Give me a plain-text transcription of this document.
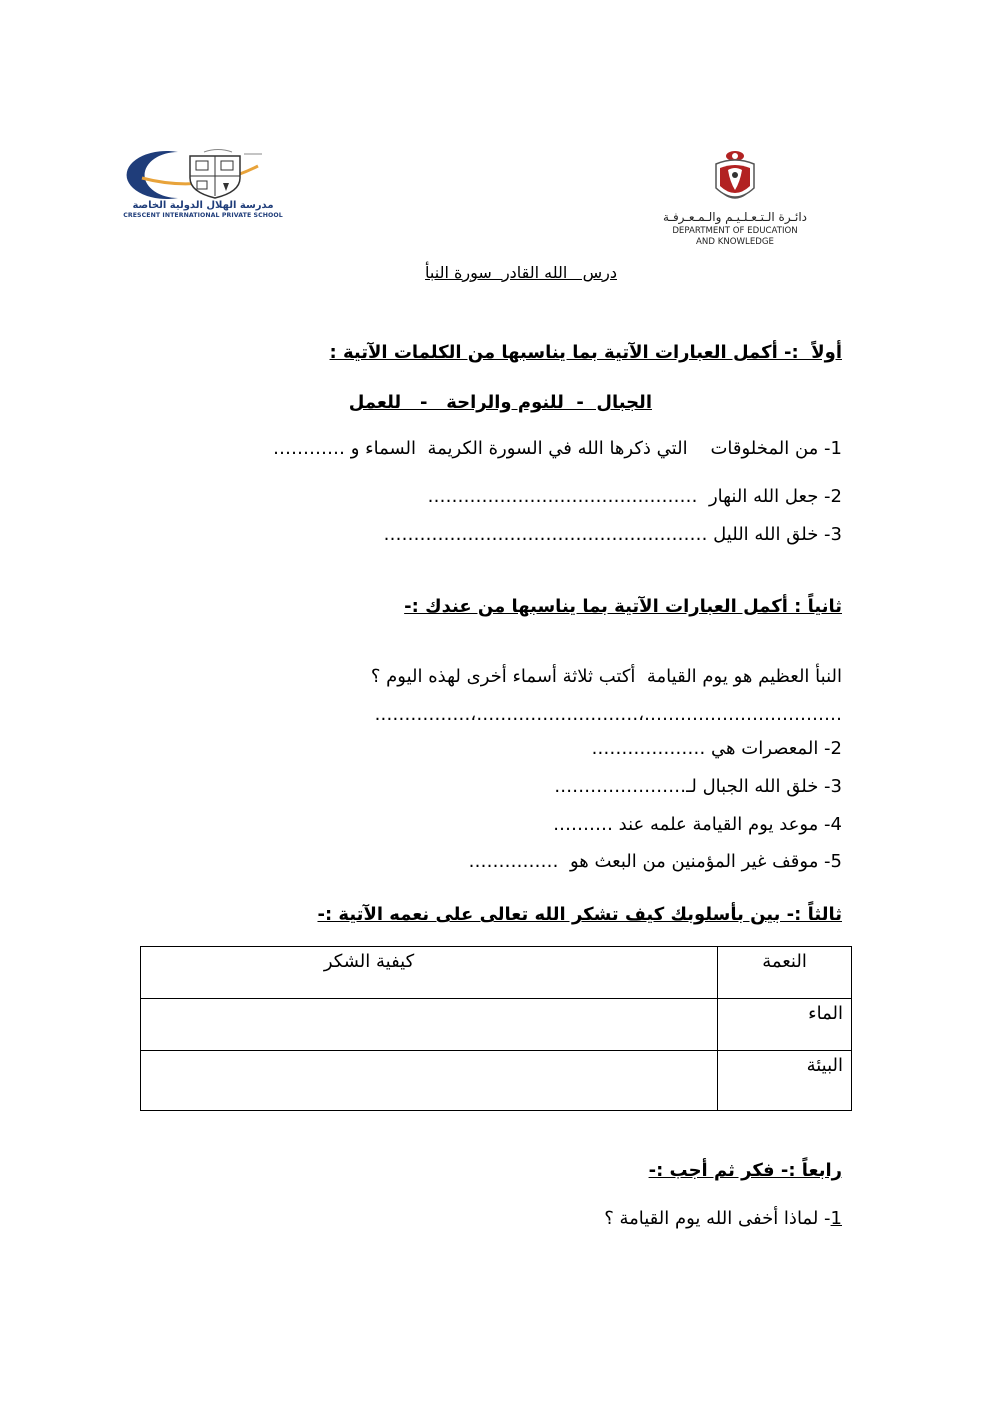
مدرسة الهلال الدولية الخاصة
CRESCENT INTERNATIONAL PRIVATE SCHOOL	دائـرة الـتـعـلـيـم والـمـعـرفـة
DEPARTMENT OF EDUCATION
AND KNOWLEDGE
درس   الله القادر  سورة النبأ
أولاً  :- أكمل العبارات الآتية بما يناسبها من الكلمات الآتية :
الجبال  -  للنوم والراحة   -   للعمل
1- من المخلوقات    التي ذكرها الله في السورة الكريمة  السماء و …………
2- جعل الله النهار  ………………………………………
3- خلق الله الليل ………………………………………………
ثانياً : أكمل العبارات الآتية بما يناسبها من عندك :-
النبأ العظيم هو يوم القيامة  أكتب ثلاثة أسماء أخرى لهذه اليوم ؟
……………………………،………………………،…………….
2- المعصرات هي ……………….
3- خلق الله الجبال لـ………………….
4- موعد يوم القيامة علمه عند ……….
5- موقف غير المؤمنين من البعث هو  ……………
ثالثاً :- بين بأسلوبك كيف تشكر الله تعالى على نعمه الآتية :-
كيفية الشكر	النعمة
	الماء
	البيئة
رابعاً :- فكر ثم أجب :-
1- لماذا أخفى الله يوم القيامة ؟
